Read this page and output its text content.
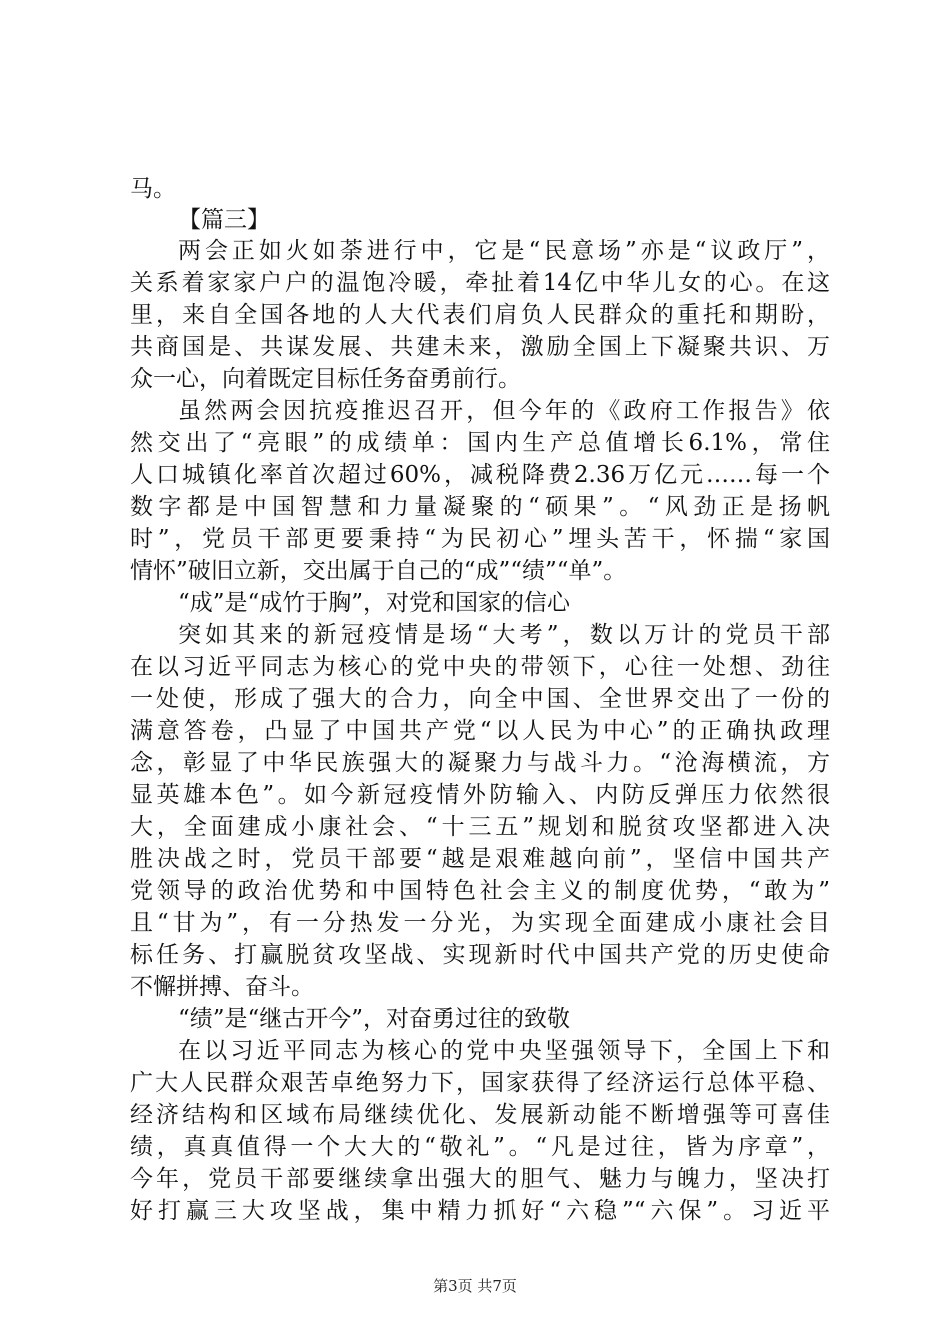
马。
【篇三】
两会正如火如荼进行中，它是“民意场”亦是“议政厅”，
关系着家家户户的温饱冷暖，牵扯着14亿中华儿女的心。在这
里，来自全国各地的人大代表们肩负人民群众的重托和期盼，
共商国是、共谋发展、共建未来，激励全国上下凝聚共识、万
众一心，向着既定目标任务奋勇前行。
虽然两会因抗疫推迟召开，但今年的《政府工作报告》依
然交出了“亮眼”的成绩单：国内生产总值增长6.1%，常住
人口城镇化率首次超过60%，减税降费2.36万亿元……每一个
数字都是中国智慧和力量凝聚的“硕果”。“风劲正是扬帆
时”，党员干部更要秉持“为民初心”埋头苦干，怀揣“家国
情怀”破旧立新，交出属于自己的“成”“绩”“单”。
“成”是“成竹于胸”，对党和国家的信心
突如其来的新冠疫情是场“大考”，数以万计的党员干部
在以习近平同志为核心的党中央的带领下，心往一处想、劲往
一处使，形成了强大的合力，向全中国、全世界交出了一份的
满意答卷，凸显了中国共产党“以人民为中心”的正确执政理
念，彰显了中华民族强大的凝聚力与战斗力。“沧海横流，方
显英雄本色”。如今新冠疫情外防输入、内防反弹压力依然很
大，全面建成小康社会、“十三五”规划和脱贫攻坚都进入决
胜决战之时，党员干部要“越是艰难越向前”，坚信中国共产
党领导的政治优势和中国特色社会主义的制度优势，“敢为”
且“甘为”，有一分热发一分光，为实现全面建成小康社会目
标任务、打赢脱贫攻坚战、实现新时代中国共产党的历史使命
不懈拼搏、奋斗。
“绩”是“继古开今”，对奋勇过往的致敬
在以习近平同志为核心的党中央坚强领导下，全国上下和
广大人民群众艰苦卓绝努力下，国家获得了经济运行总体平稳、
经济结构和区域布局继续优化、发展新动能不断增强等可喜佳
绩，真真值得一个大大的“敬礼”。“凡是过往，皆为序章”，
今年，党员干部要继续拿出强大的胆气、魅力与魄力，坚决打
好打赢三大攻坚战，集中精力抓好“六稳”“六保”。习近平
第3页 共7页
